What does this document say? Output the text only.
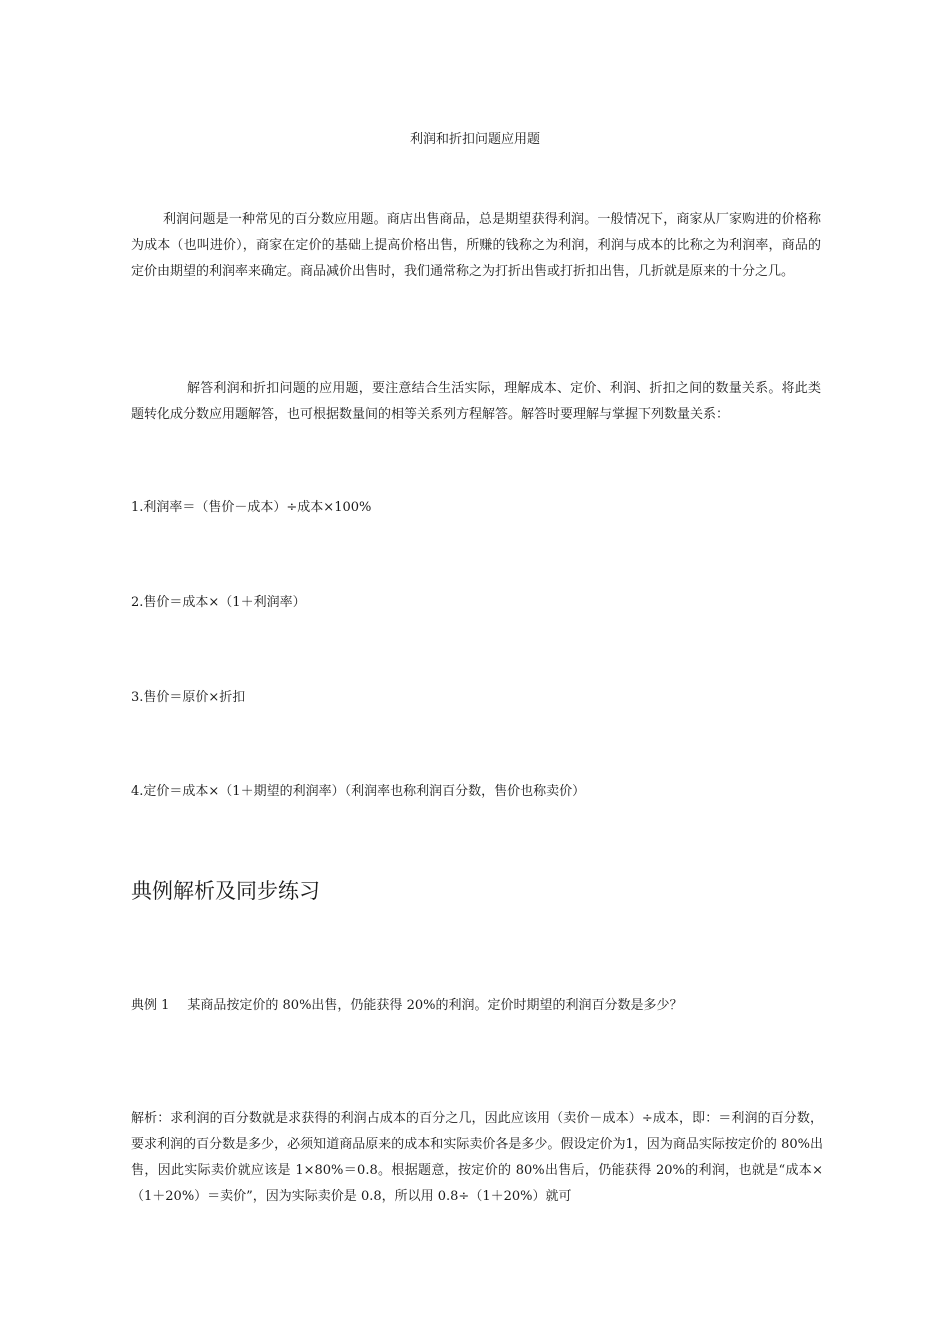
利润和折扣问题应用题

利润问题是一种常见的百分数应用题。商店出售商品，总是期望获得利润。一般情况下，商家从厂家购进的价格称为成本（也叫进价），商家在定价的基础上提高价格出售，所赚的钱称之为利润，利润与成本的比称之为利润率，商品的定价由期望的利润率来确定。商品减价出售时，我们通常称之为打折出售或打折扣出售，几折就是原来的十分之几。

解答利润和折扣问题的应用题，要注意结合生活实际，理解成本、定价、利润、折扣之间的数量关系。将此类题转化成分数应用题解答，也可根据数量间的相等关系列方程解答。解答时要理解与掌握下列数量关系：

1.利润率＝（售价－成本）÷成本×100%
2.售价＝成本×（1＋利润率）
3.售价＝原价×折扣
4.定价＝成本×（1＋期望的利润率）（利润率也称利润百分数，售价也称卖价）
典例解析及同步练习
典例 1 某商品按定价的 80%出售，仍能获得 20%的利润。定价时期望的利润百分数是多少？

解析：求利润的百分数就是求获得的利润占成本的百分之几，因此应该用（卖价－成本）÷成本，即：＝利润的百分数，要求利润的百分数是多少，必须知道商品原来的成本和实际卖价各是多少。假设定价为1，因为商品实际按定价的 80%出售，因此实际卖价就应该是 1×80%＝0.8。根据题意，按定价的 80%出售后，仍能获得 20%的利润，也就是“成本×（1＋20%）＝卖价”，因为实际卖价是 0.8，所以用 0.8÷（1＋20%）就可
